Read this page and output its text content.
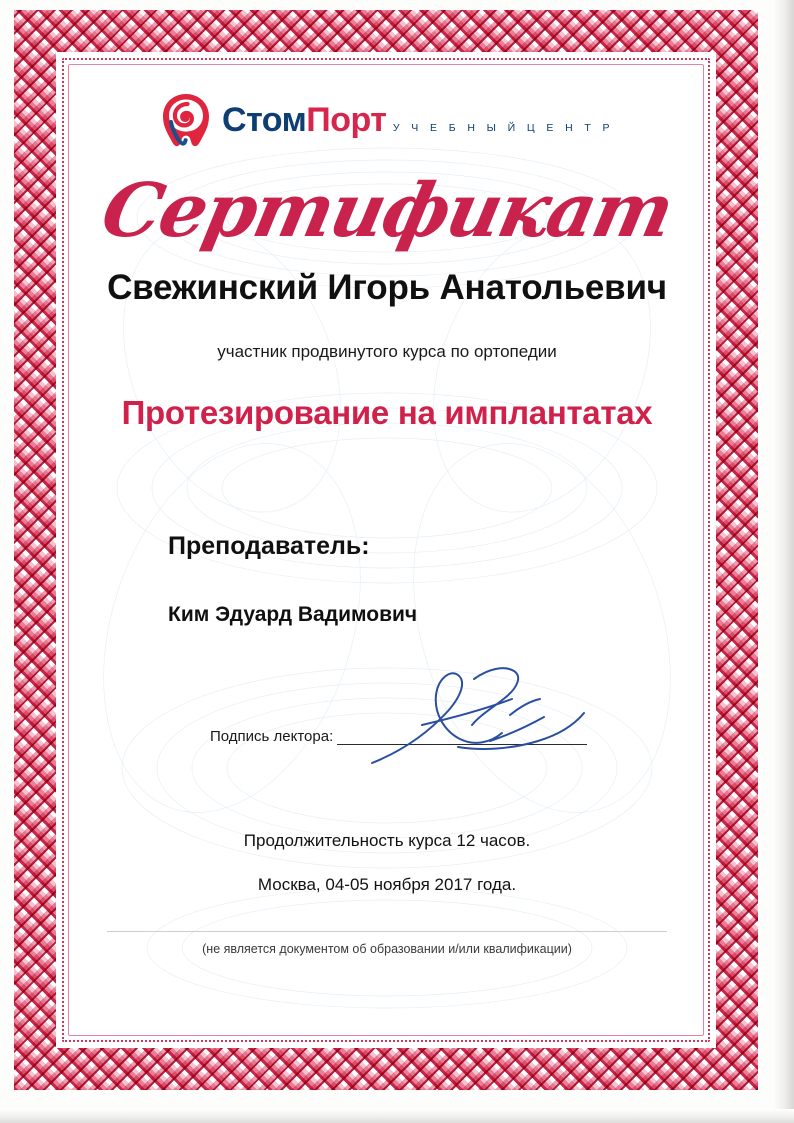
СтомПорт У Ч Е Б Н Ы Й Ц Е Н Т Р
Сертификат
Свежинский Игорь Анатольевич
участник продвинутого курса по ортопедии
Протезирование на имплантатах
Преподаватель:
Ким Эдуард Вадимович
Подпись лектора:
Продолжительность курса 12 часов.
Москва, 04-05 ноября 2017 года.
(не является документом об образовании и/или квалификации)
